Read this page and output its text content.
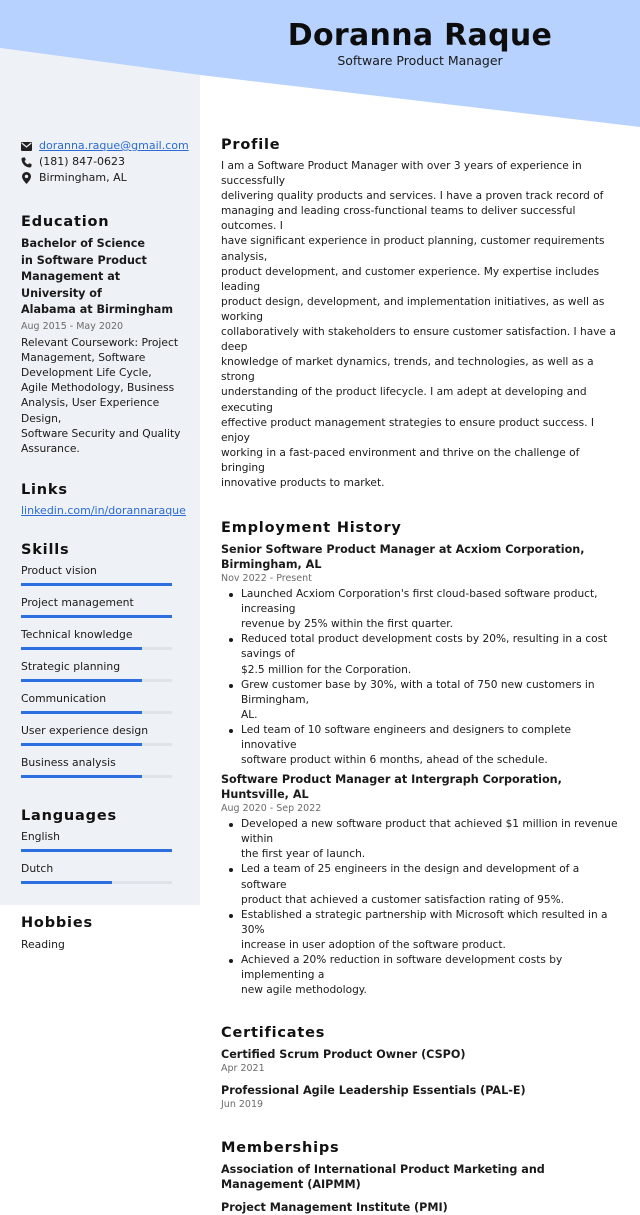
Doranna Raque
Software Product Manager
doranna.raque@gmail.com
(181) 847-0623
Birmingham, AL
Education
Bachelor of Science
in Software Product
Management at University of
Alabama at Birmingham
Aug 2015 - May 2020
Relevant Coursework: Project
Management, Software
Development Life Cycle,
Agile Methodology, Business
Analysis, User Experience Design,
Software Security and Quality
Assurance.
Links
linkedin.com/in/dorannaraque
Skills
Product vision
Project management
Technical knowledge
Strategic planning
Communication
User experience design
Business analysis
Languages
English
Dutch
Hobbies
Reading
Profile
I am a Software Product Manager with over 3 years of experience in successfully
delivering quality products and services. I have a proven track record of
managing and leading cross-functional teams to deliver successful outcomes. I
have significant experience in product planning, customer requirements analysis,
product development, and customer experience. My expertise includes leading
product design, development, and implementation initiatives, as well as working
collaboratively with stakeholders to ensure customer satisfaction. I have a deep
knowledge of market dynamics, trends, and technologies, as well as a strong
understanding of the product lifecycle. I am adept at developing and executing
effective product management strategies to ensure product success. I enjoy
working in a fast-paced environment and thrive on the challenge of bringing
innovative products to market.
Employment History
Senior Software Product Manager at Acxiom Corporation, Birmingham, AL
Nov 2022 - Present
Launched Acxiom Corporation's first cloud-based software product, increasing
revenue by 25% within the first quarter.
Reduced total product development costs by 20%, resulting in a cost savings of
$2.5 million for the Corporation.
Grew customer base by 30%, with a total of 750 new customers in Birmingham,
AL.
Led team of 10 software engineers and designers to complete innovative
software product within 6 months, ahead of the schedule.
Software Product Manager at Intergraph Corporation, Huntsville, AL
Aug 2020 - Sep 2022
Developed a new software product that achieved $1 million in revenue within
the first year of launch.
Led a team of 25 engineers in the design and development of a software
product that achieved a customer satisfaction rating of 95%.
Established a strategic partnership with Microsoft which resulted in a 30%
increase in user adoption of the software product.
Achieved a 20% reduction in software development costs by implementing a
new agile methodology.
Certificates
Certified Scrum Product Owner (CSPO)
Apr 2021
Professional Agile Leadership Essentials (PAL-E)
Jun 2019
Memberships
Association of International Product Marketing and Management (AIPMM)
Project Management Institute (PMI)
